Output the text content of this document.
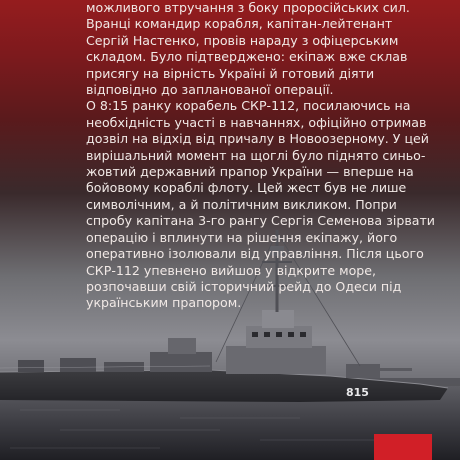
815

можливого втручання з боку проросійських сил. Вранці командир корабля, капітан-лейтенант Сергій Настенко, провів нараду з офіцерським складом. Було підтверджено: екіпаж вже склав присягу на вірність Україні й готовий діяти відповідно до запланованої операції.

О 8:15 ранку корабель СКР-112, посилаючись на необхідність участі в навчаннях, офіційно отримав дозвіл на відхід від причалу в Новоозерному. У цей вирішальний момент на щоглі було піднято синьо-жовтий державний прапор України — вперше на бойовому кораблі флоту. Цей жест був не лише символічним, а й політичним викликом. Попри спробу капітана 3-го рангу Сергія Семенова зірвати операцію і вплинути на рішення екіпажу, його оперативно ізолювали від управління. Після цього СКР-112 упевнено вийшов у відкрите море, розпочавши свій історичний рейд до Одеси під українським прапором.
